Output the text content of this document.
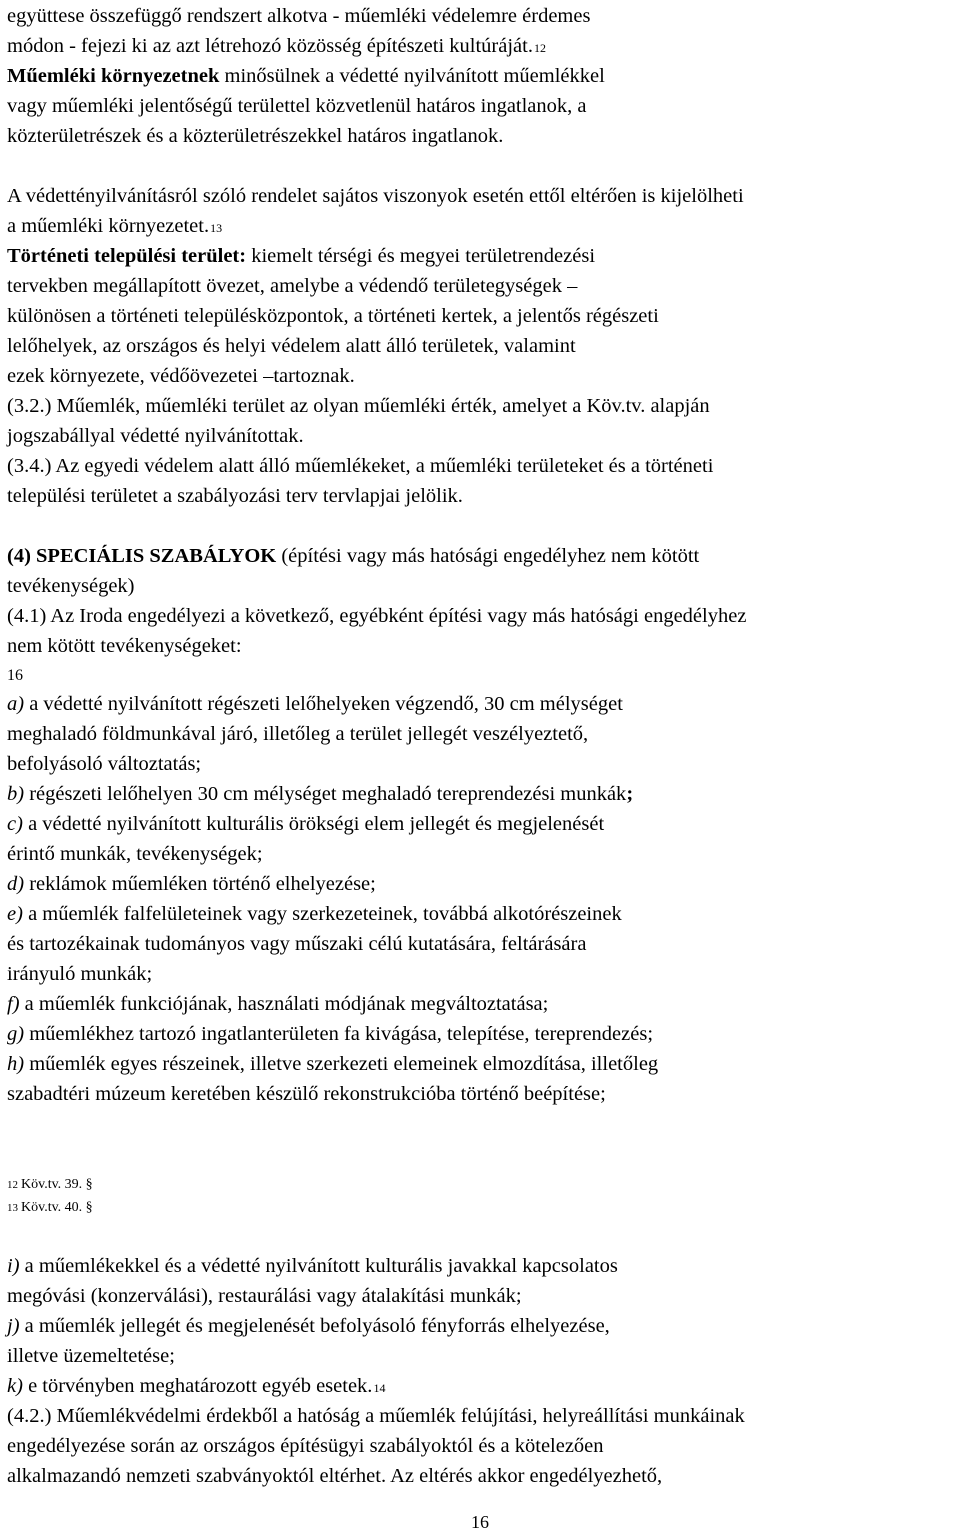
együttese összefüggő rendszert alkotva - műemléki védelemre érdemes
módon - fejezi ki az azt létrehozó közösség építészeti kultúráját.12
Műemléki környezetnek minősülnek a védetté nyilvánított műemlékkel
vagy műemléki jelentőségű területtel közvetlenül határos ingatlanok, a
közterületrészek és a közterületrészekkel határos ingatlanok.
A védettényilvánításról szóló rendelet sajátos viszonyok esetén ettől eltérően is kijelölheti
a műemléki környezetet.13
Történeti települési terület: kiemelt térségi és megyei területrendezési
tervekben megállapított övezet, amelybe a védendő területegységek –
különösen a történeti településközpontok, a történeti kertek, a jelentős régészeti
lelőhelyek, az országos és helyi védelem alatt álló területek, valamint
ezek környezete, védőövezetei –tartoznak.
(3.2.) Műemlék, műemléki terület az olyan műemléki érték, amelyet a Köv.tv. alapján
jogszabállyal védetté nyilvánítottak.
(3.4.) Az egyedi védelem alatt álló műemlékeket, a műemléki területeket és a történeti
települési területet a szabályozási terv tervlapjai jelölik.
(4) SPECIÁLIS SZABÁLYOK (építési vagy más hatósági engedélyhez nem kötött
tevékenységek)
(4.1) Az Iroda engedélyezi a következő, egyébként építési vagy más hatósági engedélyhez
nem kötött tevékenységeket:
16
a) a védetté nyilvánított régészeti lelőhelyeken végzendő, 30 cm mélységet
meghaladó földmunkával járó, illetőleg a terület jellegét veszélyeztető,
befolyásoló változtatás;
b) régészeti lelőhelyen 30 cm mélységet meghaladó tereprendezési munkák;
c) a védetté nyilvánított kulturális örökségi elem jellegét és megjelenését
érintő munkák, tevékenységek;
d) reklámok műemléken történő elhelyezése;
e) a műemlék falfelületeinek vagy szerkezeteinek, továbbá alkotórészeinek
és tartozékainak tudományos vagy műszaki célú kutatására, feltárására
irányuló munkák;
f) a műemlék funkciójának, használati módjának megváltoztatása;
g) műemlékhez tartozó ingatlanterületen fa kivágása, telepítése, tereprendezés;
h) műemlék egyes részeinek, illetve szerkezeti elemeinek elmozdítása, illetőleg
szabadtéri múzeum keretében készülő rekonstrukcióba történő beépítése;
12 Köv.tv. 39. §
13 Köv.tv. 40. §
i) a műemlékekkel és a védetté nyilvánított kulturális javakkal kapcsolatos
megóvási (konzerválási), restaurálási vagy átalakítási munkák;
j) a műemlék jellegét és megjelenését befolyásoló fényforrás elhelyezése,
illetve üzemeltetése;
k) e törvényben meghatározott egyéb esetek.14
(4.2.) Műemlékvédelmi érdekből a hatóság a műemlék felújítási, helyreállítási munkáinak
engedélyezése során az országos építésügyi szabályoktól és a kötelezően
alkalmazandó nemzeti szabványoktól eltérhet. Az eltérés akkor engedélyezhető,
16
